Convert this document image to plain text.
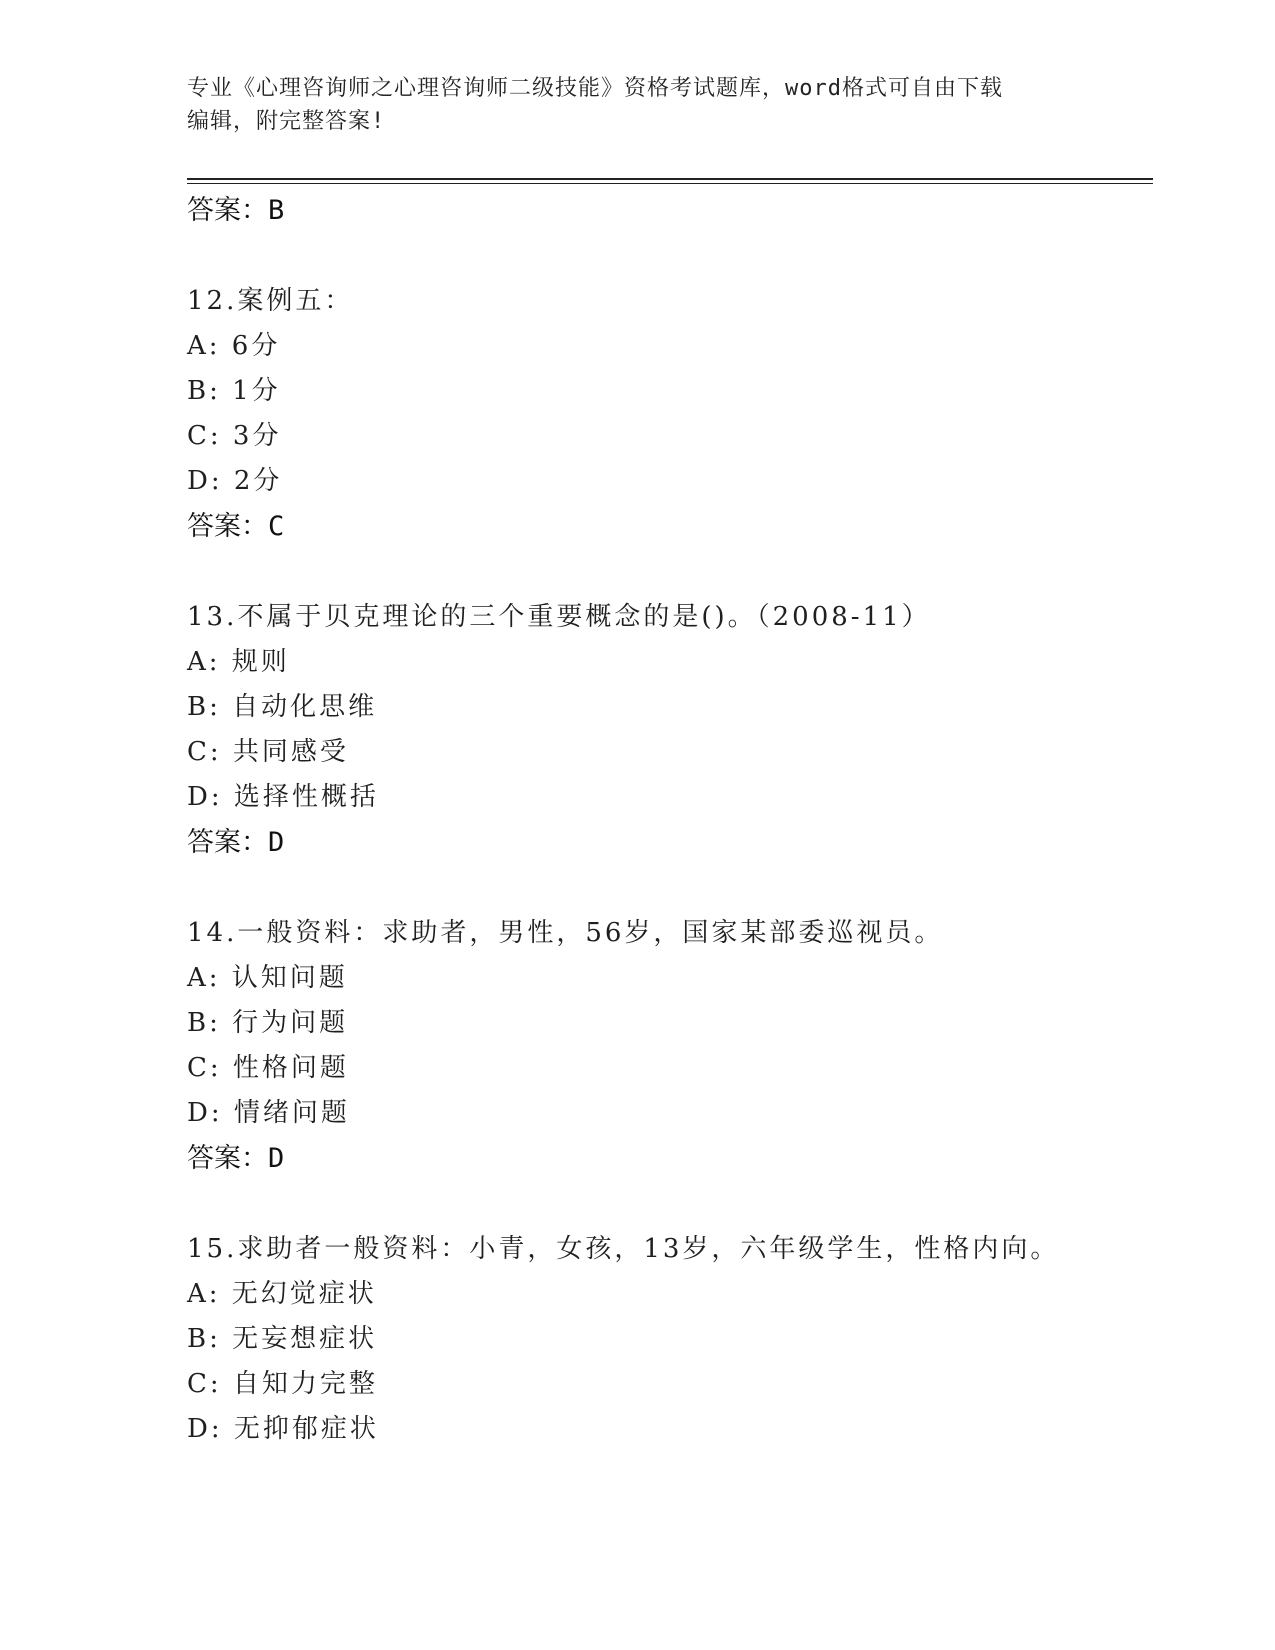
专业《心理咨询师之心理咨询师二级技能》资格考试题库，word格式可自由下载
编辑，附完整答案!
答案：B
12.案例五：
A: 6分
B: 1分
C: 3分
D: 2分
答案：C
13.不属于贝克理论的三个重要概念的是()。（2008-11）
A: 规则
B: 自动化思维
C: 共同感受
D: 选择性概括
答案：D
14.一般资料：求助者，男性，56岁，国家某部委巡视员。
A: 认知问题
B: 行为问题
C: 性格问题
D: 情绪问题
答案：D
15.求助者一般资料：小青，女孩，13岁，六年级学生，性格内向。
A: 无幻觉症状
B: 无妄想症状
C: 自知力完整
D: 无抑郁症状
